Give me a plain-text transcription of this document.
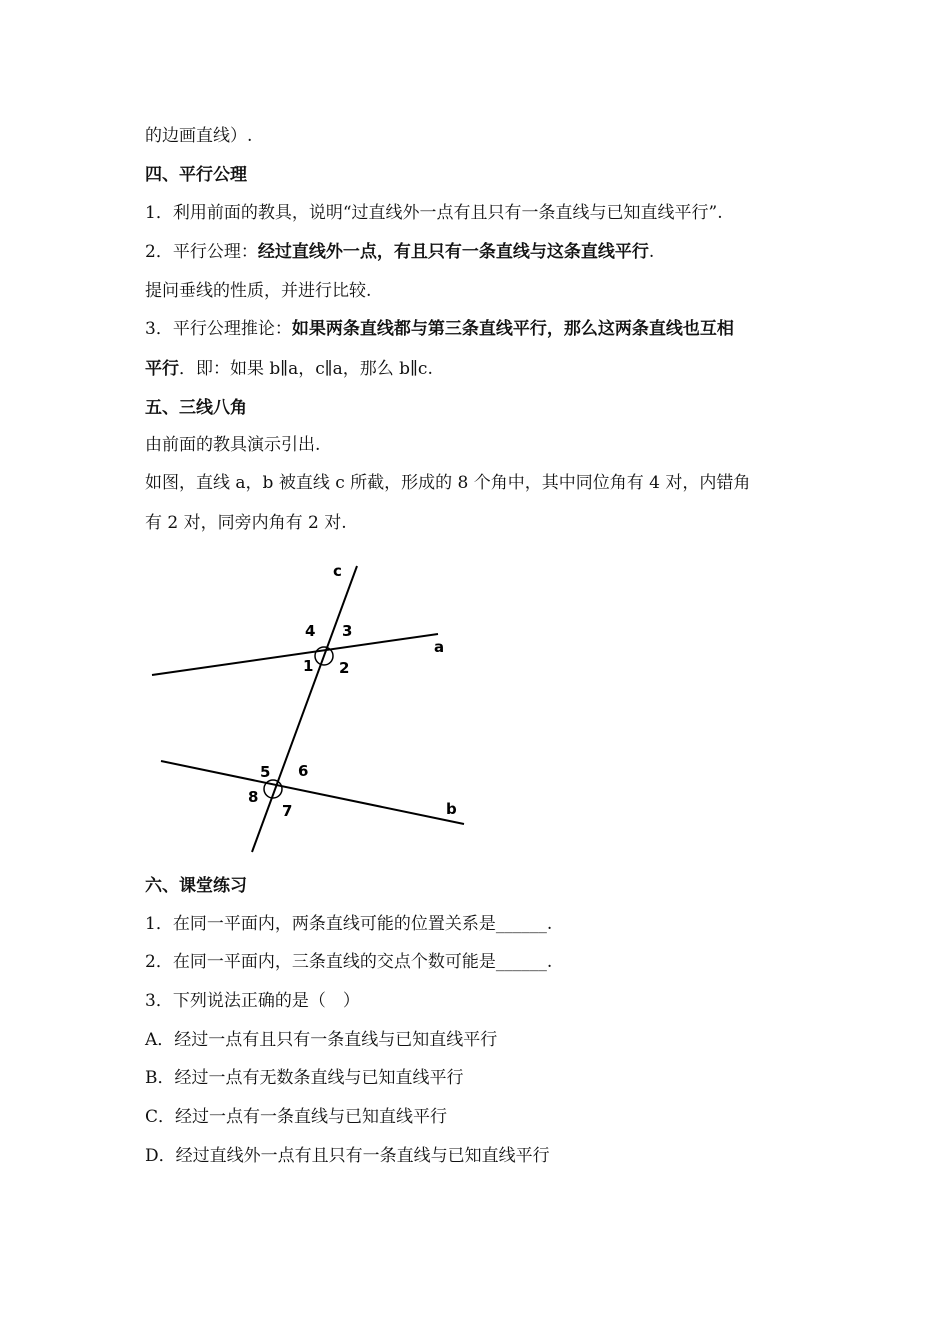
的边画直线）.
四、平行公理
1．利用前面的教具，说明“过直线外一点有且只有一条直线与已知直线平行”.
2．平行公理：经过直线外一点，有且只有一条直线与这条直线平行.
提问垂线的性质，并进行比较.
3．平行公理推论：如果两条直线都与第三条直线平行，那么这两条直线也互相
平行．即：如果 b∥a，c∥a，那么 b∥c.
五、三线八角
由前面的教具演示引出.
如图，直线 a，b 被直线 c 所截，形成的 8 个角中，其中同位角有 4 对，内错角
有 2 对，同旁内角有 2 对.
c
a
b
1 2
3
4
5 6
7
8
六、课堂练习
1．在同一平面内，两条直线可能的位置关系是______.
2．在同一平面内，三条直线的交点个数可能是______.
3．下列说法正确的是（　）
A．经过一点有且只有一条直线与已知直线平行
B．经过一点有无数条直线与已知直线平行
C．经过一点有一条直线与已知直线平行
D．经过直线外一点有且只有一条直线与已知直线平行
